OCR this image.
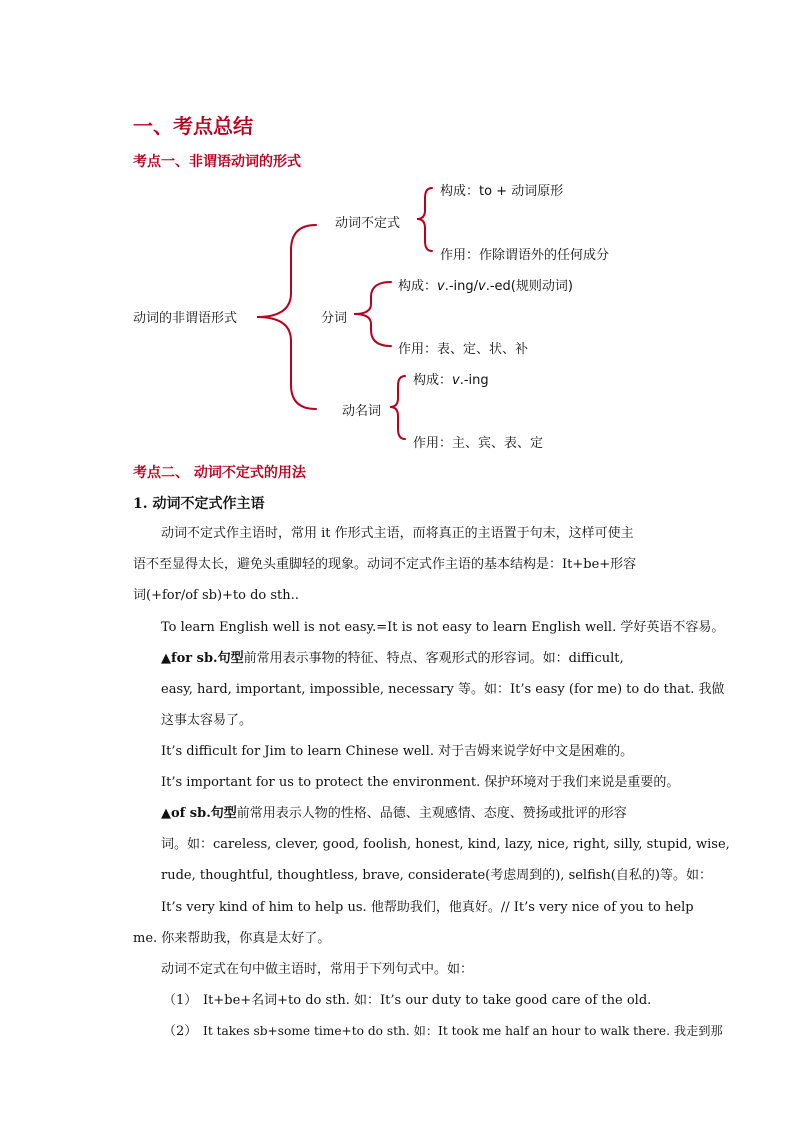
一、考点总结
考点一、非谓语动词的形式
动词的非谓语形式
动词不定式
构成：to + 动词原形
作用：作除谓语外的任何成分
分词
构成：v.-ing/v.-ed(规则动词)
作用：表、定、状、补
动名词
构成：v.-ing
作用：主、宾、表、定
考点二、 动词不定式的用法
1. 动词不定式作主语
动词不定式作主语时，常用 it 作形式主语，而将真正的主语置于句末，这样可使主
语不至显得太长，避免头重脚轻的现象。动词不定式作主语的基本结构是：It+be+形容
词(+for/of sb)+to do sth..
To learn English well is not easy.=It is not easy to learn English well. 学好英语不容易。
▲for sb.句型前常用表示事物的特征、特点、客观形式的形容词。如：difficult,
easy, hard, important, impossible, necessary 等。如：It’s easy (for me) to do that. 我做
这事太容易了。
It’s difficult for Jim to learn Chinese well. 对于吉姆来说学好中文是困难的。
It’s important for us to protect the environment. 保护环境对于我们来说是重要的。
▲of sb.句型前常用表示人物的性格、品德、主观感情、态度、赞扬或批评的形容
词。如：careless, clever, good, foolish, honest, kind, lazy, nice, right, silly, stupid, wise,
rude, thoughtful, thoughtless, brave, considerate(考虑周到的), selfish(自私的)等。如：
It’s very kind of him to help us. 他帮助我们，他真好。// It’s very nice of you to help
me. 你来帮助我，你真是太好了。
动词不定式在句中做主语时，常用于下列句式中。如：
（1） It+be+名词+to do sth. 如：It’s our duty to take good care of the old.
（2） It takes sb+some time+to do sth. 如：It took me half an hour to walk there. 我走到那
